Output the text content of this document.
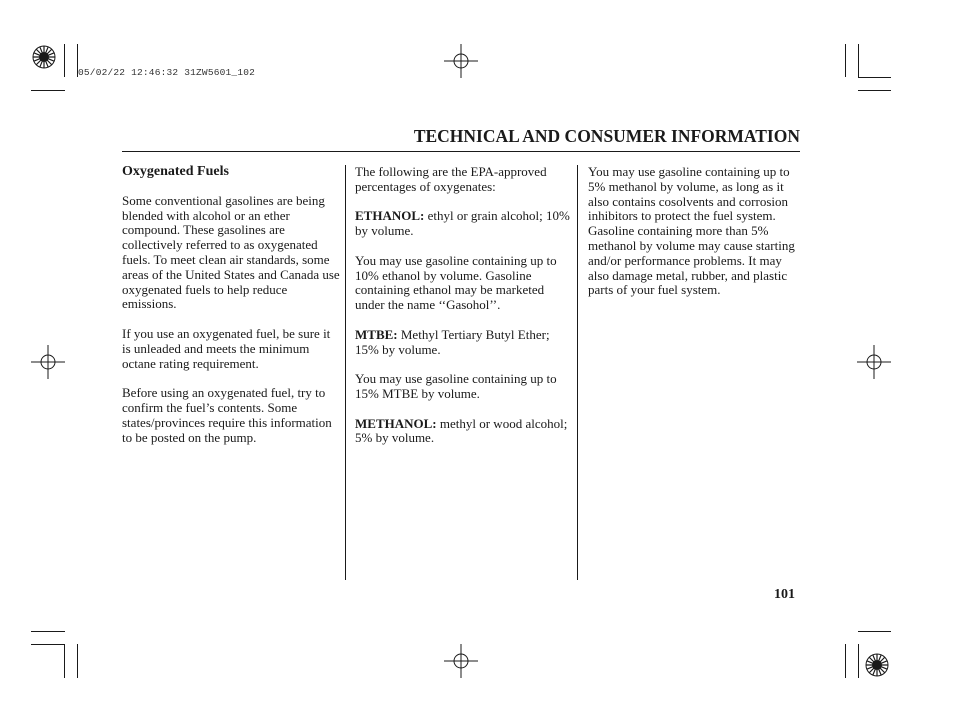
05/02/22 12:46:32 31ZW5601_102
TECHNICAL AND CONSUMER INFORMATION

Oxygenated Fuels

Some conventional gasolines are being blended with alcohol or an ether compound. These gasolines are collectively referred to as oxygenated fuels. To meet clean air standards, some areas of the United States and Canada use oxygenated fuels to help reduce emissions.

If you use an oxygenated fuel, be sure it is unleaded and meets the minimum octane rating requirement.

Before using an oxygenated fuel, try to confirm the fuel’s contents. Some states/provinces require this information to be posted on the pump.

The following are the EPA-approved percentages of oxygenates:

ETHANOL: ethyl or grain alcohol; 10% by volume.

You may use gasoline containing up to 10% ethanol by volume. Gasoline containing ethanol may be marketed under the name ‘‘Gasohol’’.

MTBE: Methyl Tertiary Butyl Ether; 15% by volume.

You may use gasoline containing up to 15% MTBE by volume.

METHANOL: methyl or wood alcohol; 5% by volume.

You may use gasoline containing up to 5% methanol by volume, as long as it also contains cosolvents and corrosion inhibitors to protect the fuel system. Gasoline containing more than 5% methanol by volume may cause starting and/or performance problems. It may also damage metal, rubber, and plastic parts of your fuel system.

101
